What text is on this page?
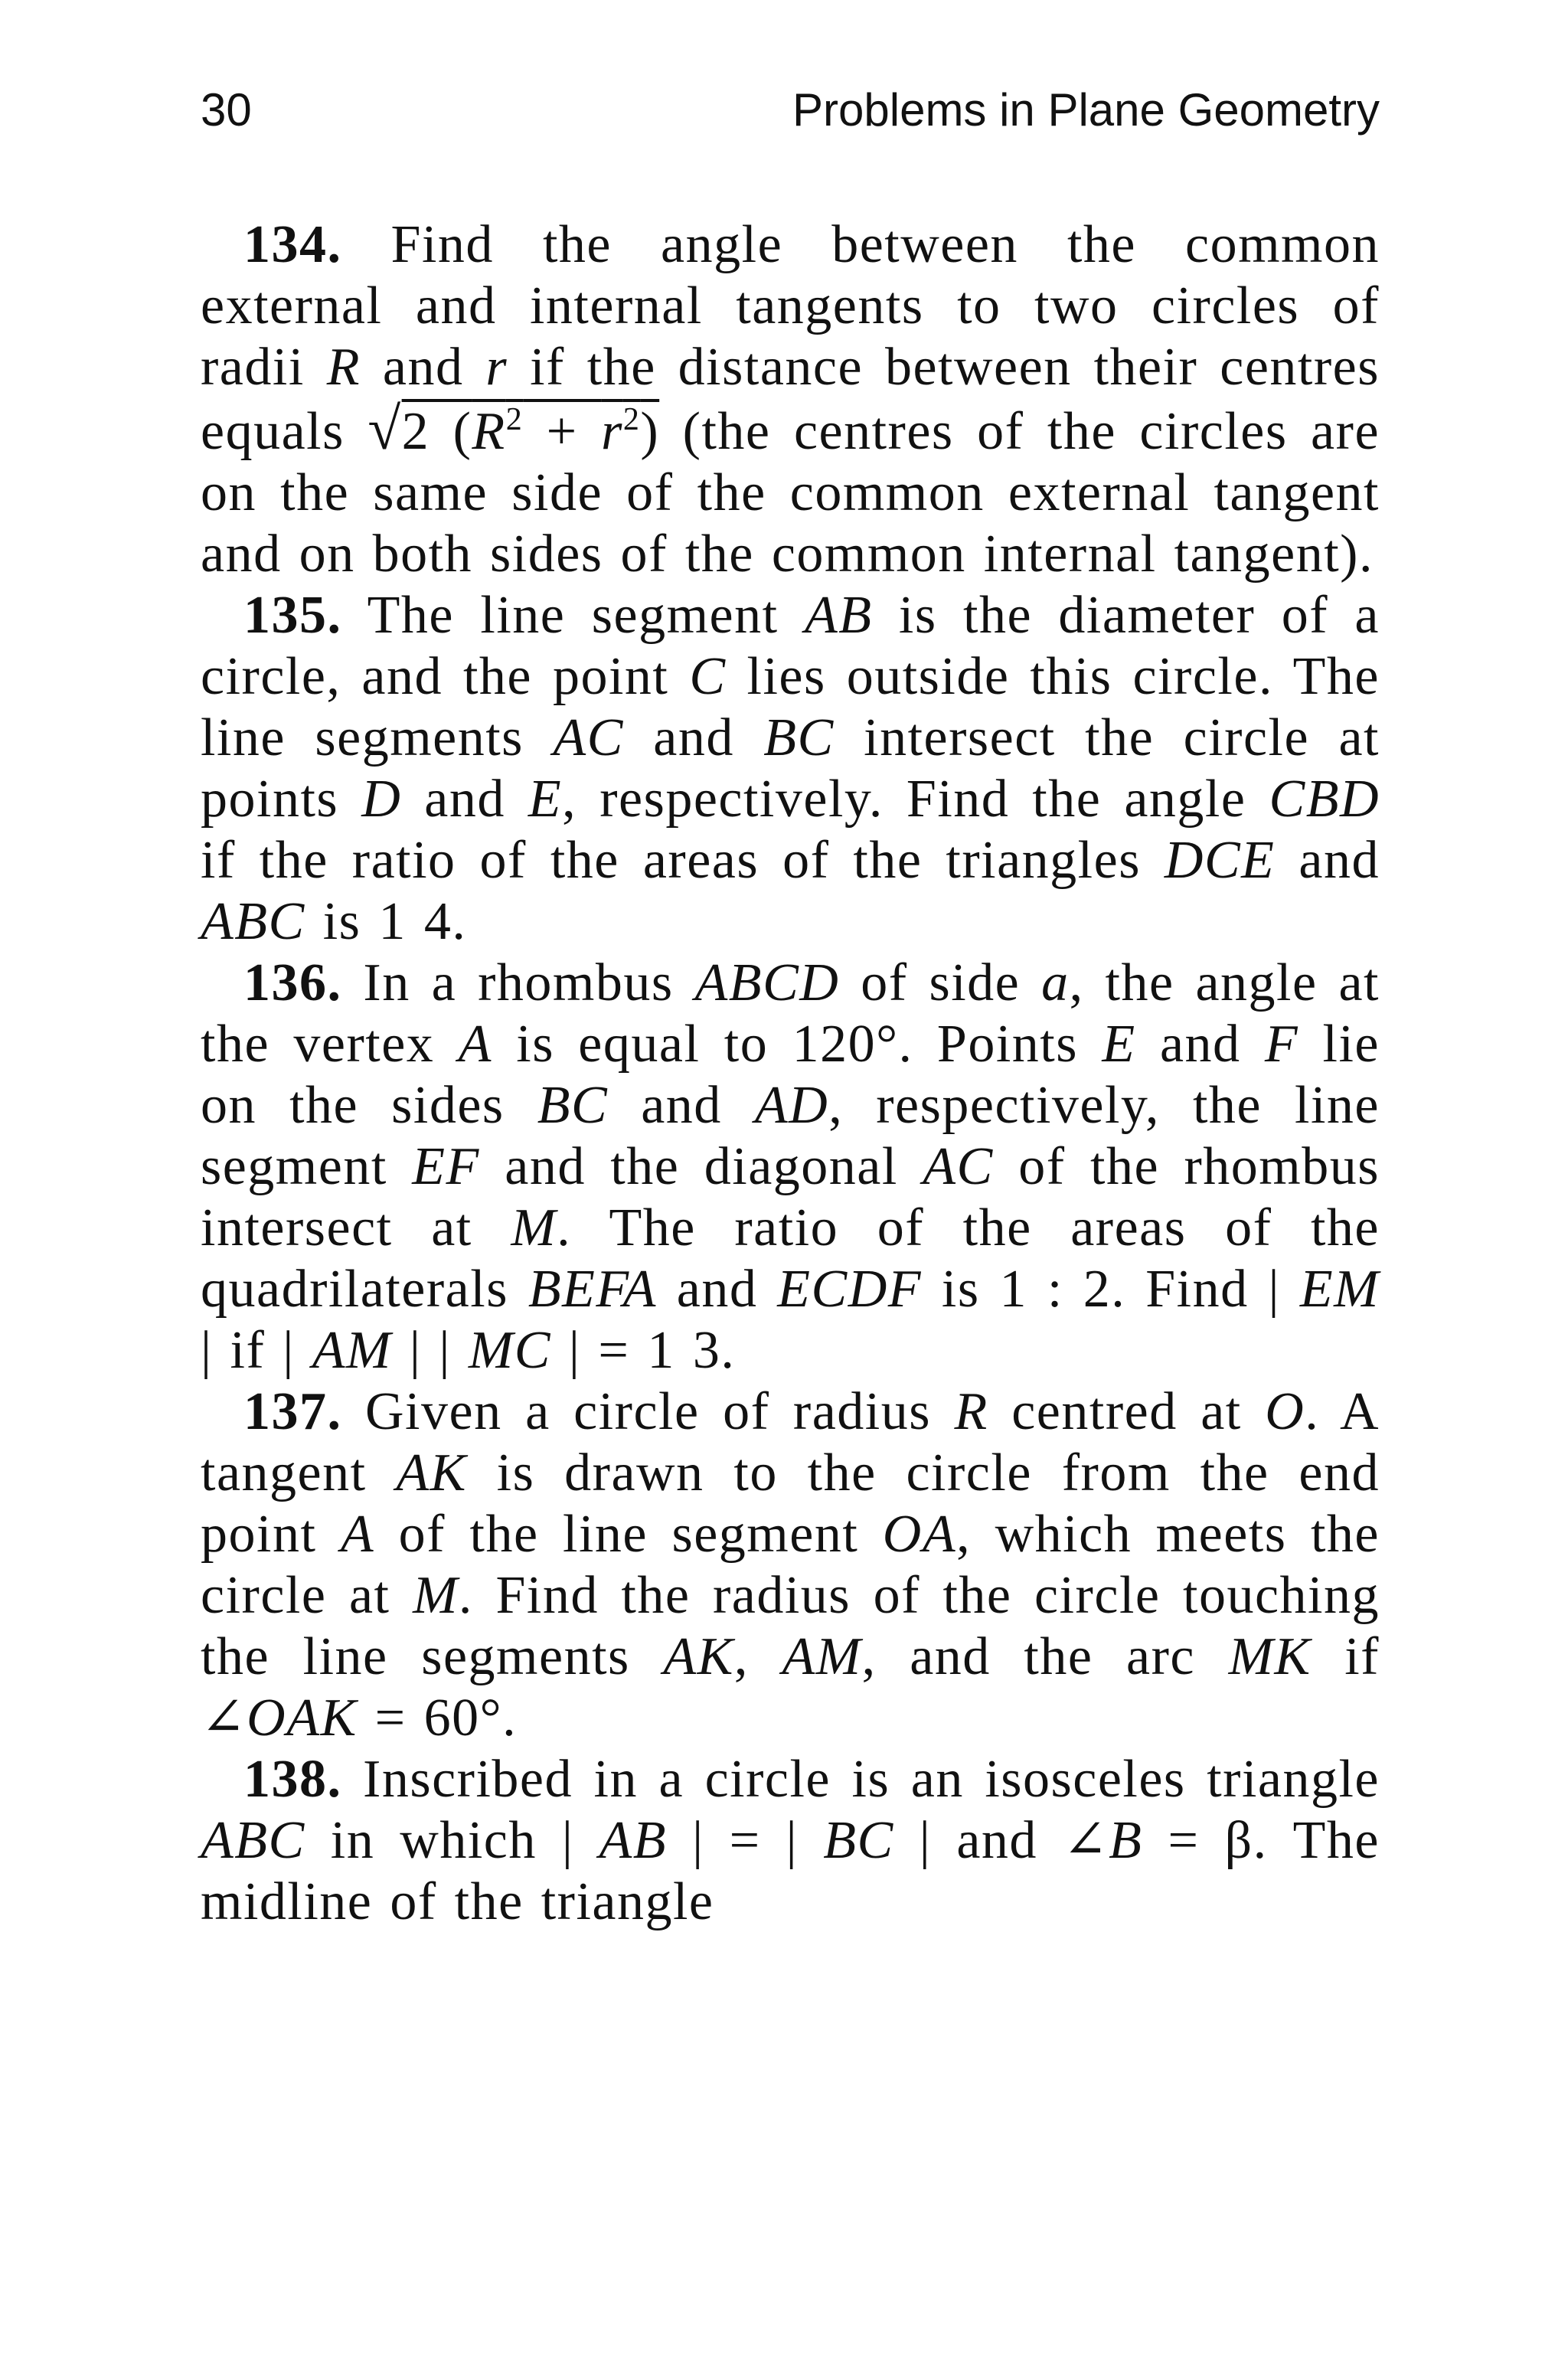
30	Problems in Plane Geometry

134. Find the angle between the common external and internal tangents to two circles of radii R and r if the distance between their centres equals √2 $(R^2 + r^2)$ (the centres of the circles are on the same side of the common external tangent and on both sides of the common internal tangent).

135. The line segment AB is the diameter of a circle, and the point C lies outside this circle. The line segments AC and BC intersect the circle at points D and E, respectively. Find the angle CBD if the ratio of the areas of the triangles DCE and ABC is 1 4.

136. In a rhombus ABCD of side a, the angle at the vertex A is equal to 120°. Points E and F lie on the sides BC and AD, respectively, the line segment EF and the diagonal AC of the rhombus intersect at M. The ratio of the areas of the quadrilaterals BEFA and ECDF is 1 : 2. Find | EM | if | AM | | MC | = 1 3.

137. Given a circle of radius R centred at O. A tangent AK is drawn to the circle from the end point A of the line segment OA, which meets the circle at M. Find the radius of the circle touching the line segments AK, AM, and the arc MK if ∠OAK = 60°.

138. Inscribed in a circle is an isosceles triangle ABC in which | AB | = | BC | and ∠B = β. The midline of the triangle
